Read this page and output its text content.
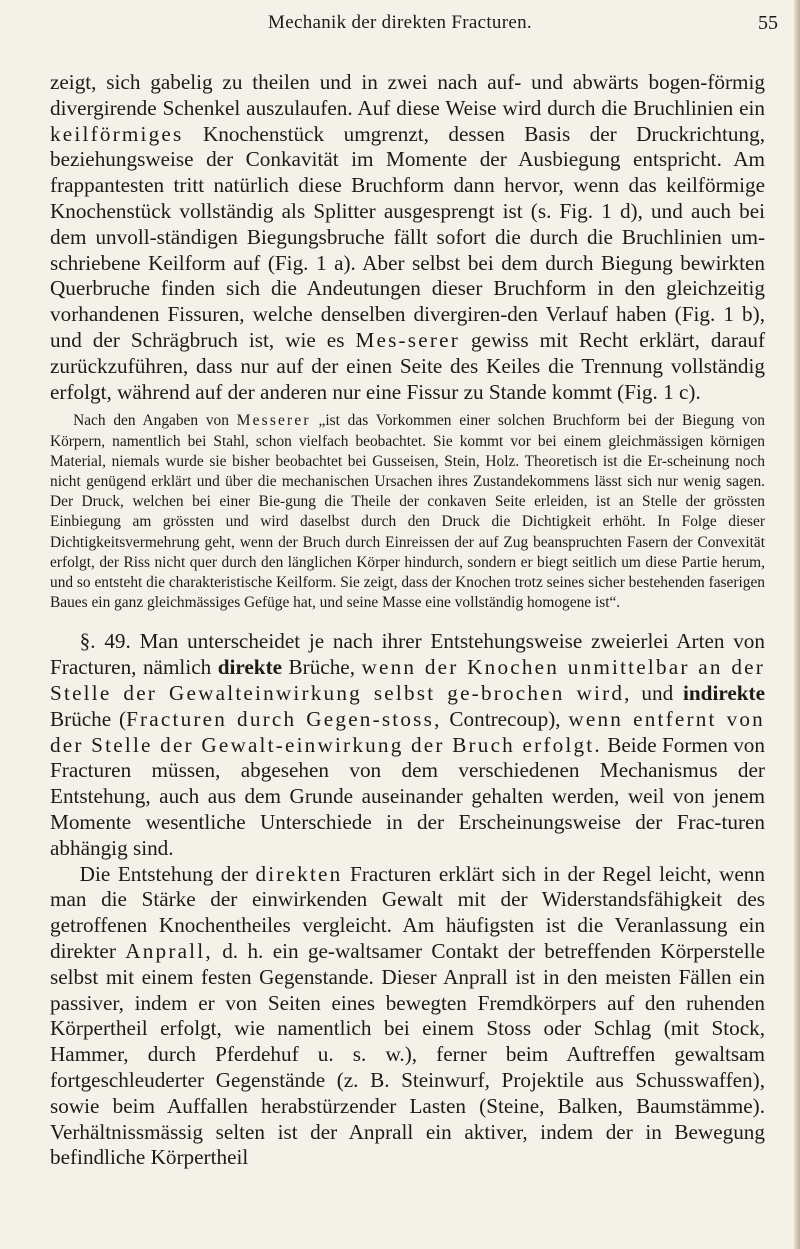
Mechanik der direkten Fracturen.	55

zeigt, sich gabelig zu theilen und in zwei nach auf- und abwärts bogen-förmig divergirende Schenkel auszulaufen. Auf diese Weise wird durch die Bruchlinien ein keilförmiges Knochenstück umgrenzt, dessen Basis der Druckrichtung, beziehungsweise der Conkavität im Momente der Ausbiegung entspricht. Am frappantesten tritt natürlich diese Bruchform dann hervor, wenn das keilförmige Knochenstück vollständig als Splitter ausgesprengt ist (s. Fig. 1 d), und auch bei dem unvoll-ständigen Biegungsbruche fällt sofort die durch die Bruchlinien um-schriebene Keilform auf (Fig. 1 a). Aber selbst bei dem durch Biegung bewirkten Querbruche finden sich die Andeutungen dieser Bruchform in den gleichzeitig vorhandenen Fissuren, welche denselben divergiren-den Verlauf haben (Fig. 1 b), und der Schrägbruch ist, wie es Mes-serer gewiss mit Recht erklärt, darauf zurückzuführen, dass nur auf der einen Seite des Keiles die Trennung vollständig erfolgt, während auf der anderen nur eine Fissur zu Stande kommt (Fig. 1 c).

Nach den Angaben von Messerer „ist das Vorkommen einer solchen Bruchform bei der Biegung von Körpern, namentlich bei Stahl, schon vielfach beobachtet. Sie kommt vor bei einem gleichmässigen körnigen Material, niemals wurde sie bisher beobachtet bei Gusseisen, Stein, Holz. Theoretisch ist die Er-scheinung noch nicht genügend erklärt und über die mechanischen Ursachen ihres Zustandekommens lässt sich nur wenig sagen. Der Druck, welchen bei einer Bie-gung die Theile der conkaven Seite erleiden, ist an Stelle der grössten Einbiegung am grössten und wird daselbst durch den Druck die Dichtigkeit erhöht. In Folge dieser Dichtigkeitsvermehrung geht, wenn der Bruch durch Einreissen der auf Zug beanspruchten Fasern der Convexität erfolgt, der Riss nicht quer durch den länglichen Körper hindurch, sondern er biegt seitlich um diese Partie herum, und so entsteht die charakteristische Keilform. Sie zeigt, dass der Knochen trotz seines sicher bestehenden faserigen Baues ein ganz gleichmässiges Gefüge hat, und seine Masse eine vollständig homogene ist“.

§. 49. Man unterscheidet je nach ihrer Entstehungsweise zweierlei Arten von Fracturen, nämlich direkte Brüche, wenn der Knochen unmittelbar an der Stelle der Gewalteinwirkung selbst ge-brochen wird, und indirekte Brüche (Fracturen durch Gegen-stoss, Contrecoup), wenn entfernt von der Stelle der Gewalt-einwirkung der Bruch erfolgt. Beide Formen von Fracturen müssen, abgesehen von dem verschiedenen Mechanismus der Entstehung, auch aus dem Grunde auseinander gehalten werden, weil von jenem Momente wesentliche Unterschiede in der Erscheinungsweise der Frac-turen abhängig sind.

Die Entstehung der direkten Fracturen erklärt sich in der Regel leicht, wenn man die Stärke der einwirkenden Gewalt mit der Widerstandsfähigkeit des getroffenen Knochentheiles vergleicht. Am häufigsten ist die Veranlassung ein direkter Anprall, d. h. ein ge-waltsamer Contakt der betreffenden Körperstelle selbst mit einem festen Gegenstande. Dieser Anprall ist in den meisten Fällen ein passiver, indem er von Seiten eines bewegten Fremdkörpers auf den ruhenden Körpertheil erfolgt, wie namentlich bei einem Stoss oder Schlag (mit Stock, Hammer, durch Pferdehuf u. s. w.), ferner beim Auftreffen gewaltsam fortgeschleuderter Gegenstände (z. B. Steinwurf, Projektile aus Schusswaffen), sowie beim Auffallen herabstürzender Lasten (Steine, Balken, Baumstämme). Verhältnissmässig selten ist der Anprall ein aktiver, indem der in Bewegung befindliche Körpertheil
